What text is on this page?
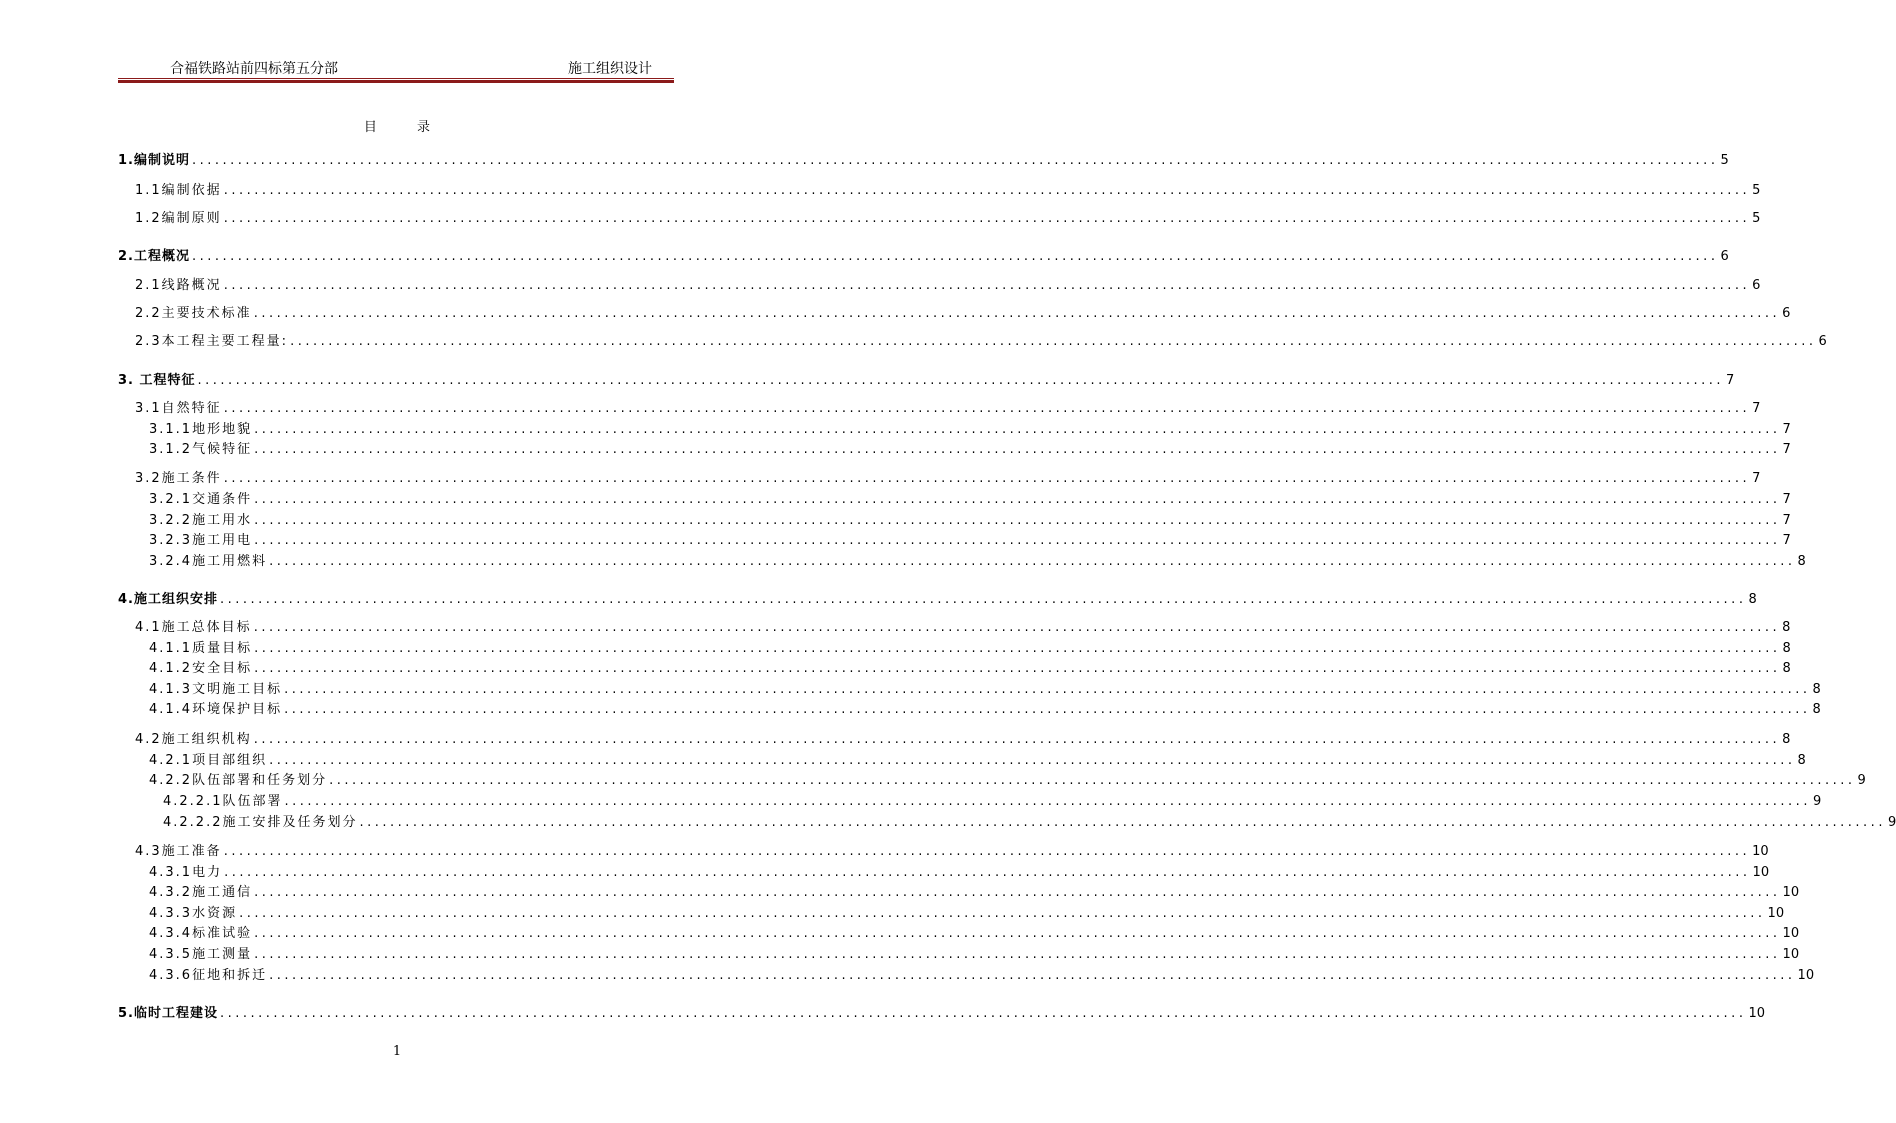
合福铁路站前四标第五分部	施工组织设计
目 录
1.编制说明 ........................................................................................................................................................................................................ 5
1.1编制依据 ........................................................................................................................................................................................................ 5
1.2编制原则 ........................................................................................................................................................................................................ 5
2.工程概况 ........................................................................................................................................................................................................ 6
2.1线路概况 ........................................................................................................................................................................................................ 6
2.2主要技术标准 ........................................................................................................................................................................................................ 6
2.3本工程主要工程量: ........................................................................................................................................................................................................ 6
3. 工程特征 ........................................................................................................................................................................................................ 7
3.1自然特征 ........................................................................................................................................................................................................ 7
3.1.1地形地貌 ........................................................................................................................................................................................................ 7
3.1.2气候特征 ........................................................................................................................................................................................................ 7
3.2施工条件 ........................................................................................................................................................................................................ 7
3.2.1交通条件 ........................................................................................................................................................................................................ 7
3.2.2施工用水 ........................................................................................................................................................................................................ 7
3.2.3施工用电 ........................................................................................................................................................................................................ 7
3.2.4施工用燃料 ........................................................................................................................................................................................................ 8
4.施工组织安排 ........................................................................................................................................................................................................ 8
4.1施工总体目标 ........................................................................................................................................................................................................ 8
4.1.1质量目标 ........................................................................................................................................................................................................ 8
4.1.2安全目标 ........................................................................................................................................................................................................ 8
4.1.3文明施工目标 ........................................................................................................................................................................................................ 8
4.1.4环境保护目标 ........................................................................................................................................................................................................ 8
4.2施工组织机构 ........................................................................................................................................................................................................ 8
4.2.1项目部组织 ........................................................................................................................................................................................................ 8
4.2.2队伍部署和任务划分 ........................................................................................................................................................................................................ 9
4.2.2.1队伍部署 ........................................................................................................................................................................................................ 9
4.2.2.2施工安排及任务划分 ........................................................................................................................................................................................................ 9
4.3施工准备 ........................................................................................................................................................................................................ 10
4.3.1电力 ........................................................................................................................................................................................................ 10
4.3.2施工通信 ........................................................................................................................................................................................................ 10
4.3.3水资源 ........................................................................................................................................................................................................ 10
4.3.4标准试验 ........................................................................................................................................................................................................ 10
4.3.5施工测量 ........................................................................................................................................................................................................ 10
4.3.6征地和拆迁 ........................................................................................................................................................................................................ 10
5.临时工程建设 ........................................................................................................................................................................................................ 10
1
